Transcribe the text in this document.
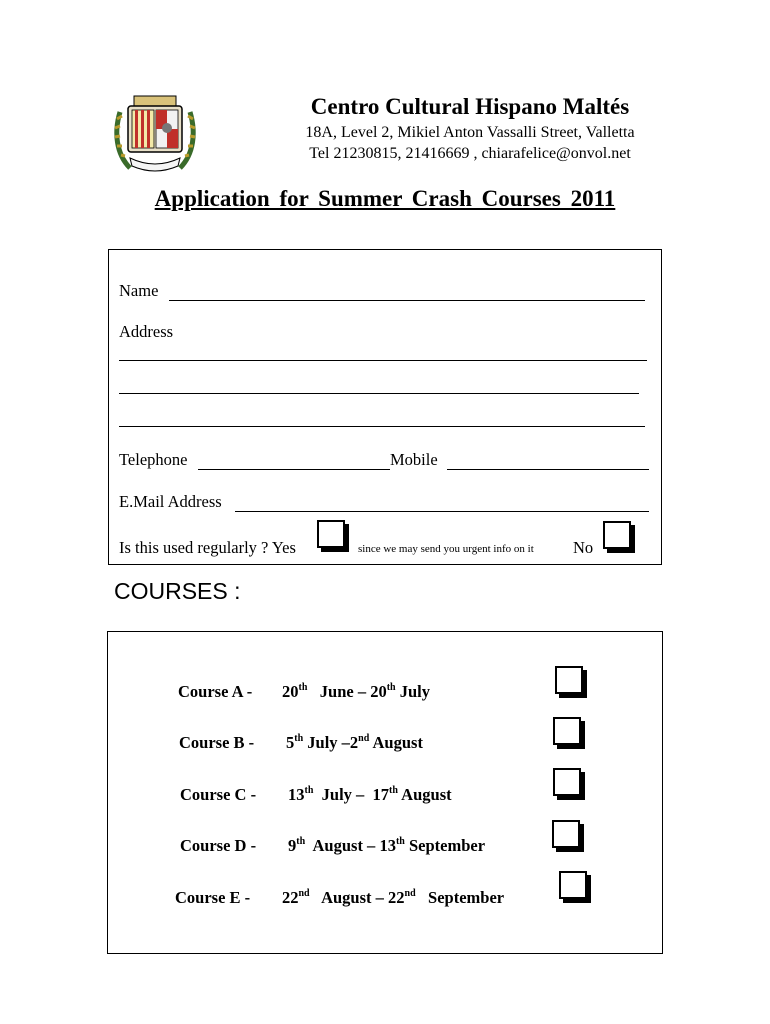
Centro Cultural Hispano Maltés
18A, Level 2, Mikiel Anton Vassalli Street, Valletta
Tel 21230815, 21416669 , chiarafelice@onvol.net
Application for Summer Crash Courses 2011
Name
Address
Telephone	Mobile
E.Mail Address
Is this used regularly ? Yes	since we may send you urgent info on it No
COURSES :
Course A - 20th June – 20th July
Course B - 5th July –2nd August
Course C - 13th July – 17th August
Course D - 9th August – 13th September
Course E - 22nd August – 22nd September
